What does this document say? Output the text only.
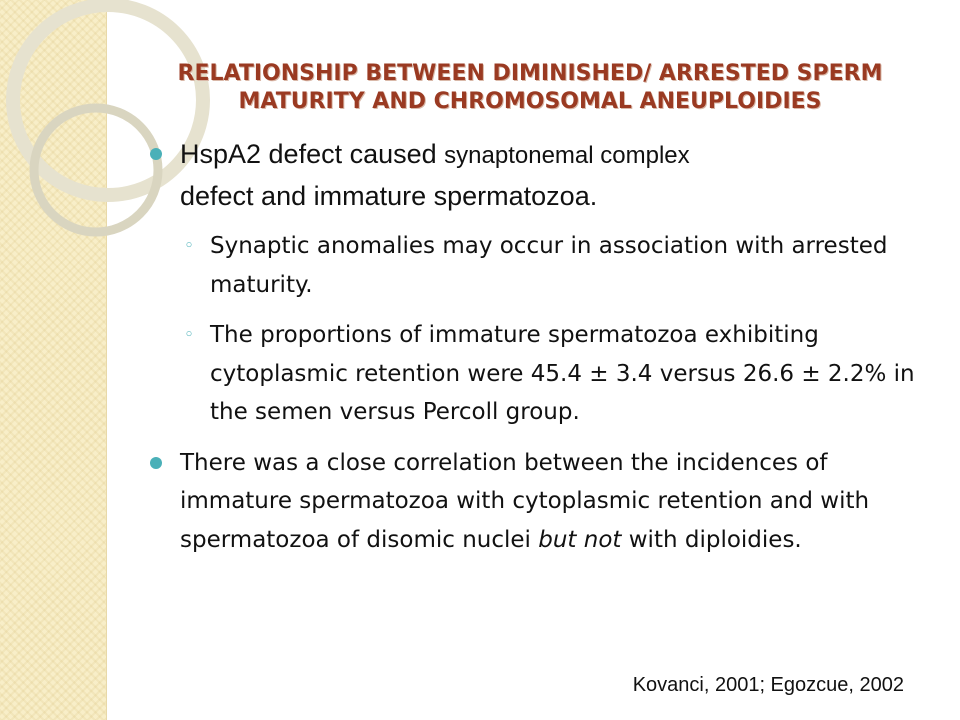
RELATIONSHIP BETWEEN DIMINISHED/ ARRESTED SPERM
MATURITY AND CHROMOSOMAL ANEUPLOIDIES
HspA2 defect caused synaptonemal complex
defect and immature spermatozoa.
◦ Synaptic anomalies may occur in association with arrested maturity.
◦ The proportions of immature spermatozoa exhibiting cytoplasmic retention were 45.4 ± 3.4 versus 26.6 ± 2.2% in the semen versus Percoll group.
There was a close correlation between the incidences of immature spermatozoa with cytoplasmic retention and with spermatozoa of disomic nuclei but not with diploidies.
Kovanci, 2001; Egozcue, 2002
